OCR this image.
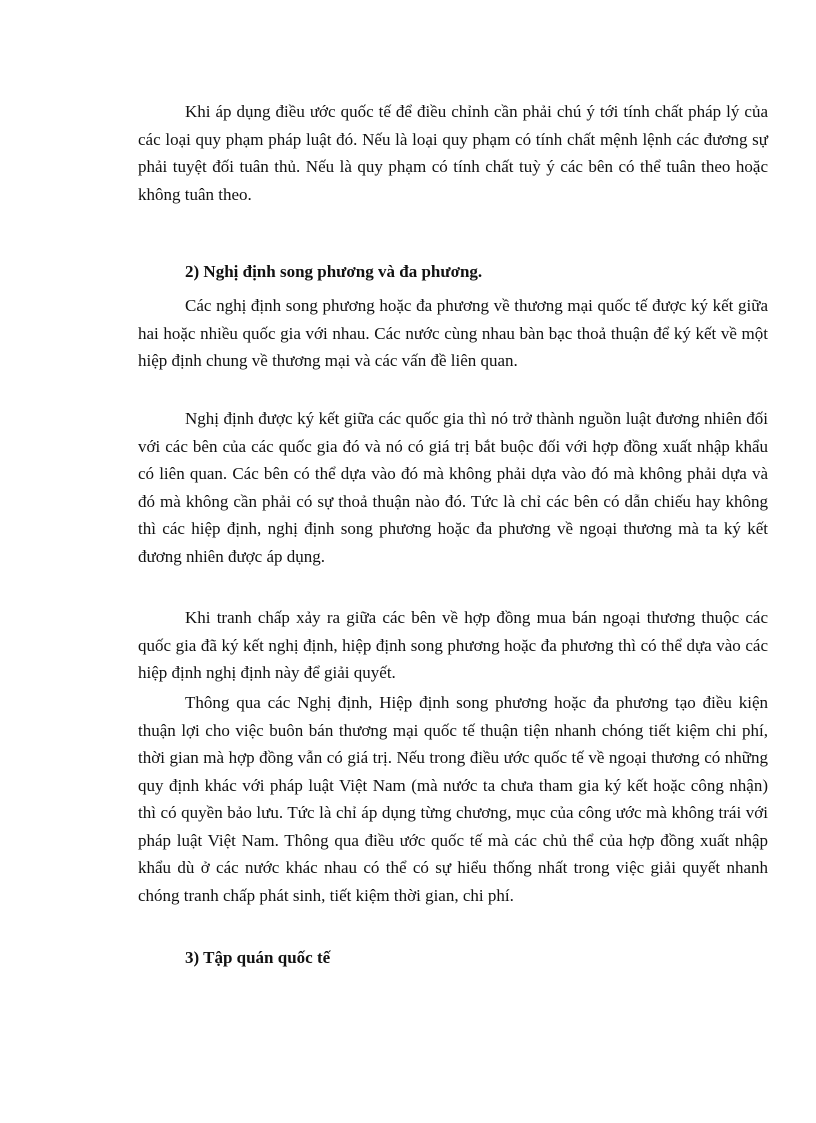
Khi áp dụng điều ước quốc tế để điều chỉnh cần phải chú ý tới tính chất pháp lý của các loại quy phạm pháp luật đó. Nếu là loại quy phạm có tính chất mệnh lệnh các đương sự phải tuyệt đối tuân thủ. Nếu là quy phạm có tính chất tuỳ ý các bên có thể tuân theo hoặc không tuân theo.

2) Nghị định song phương và đa phương.

Các nghị định song phương hoặc đa phương về thương mại quốc tế được ký kết giữa hai hoặc nhiều quốc gia với nhau. Các nước cùng nhau bàn bạc thoả thuận để ký kết về một hiệp định chung về thương mại và các vấn đề liên quan.

Nghị định được ký kết giữa các quốc gia thì nó trở thành nguồn luật đương nhiên đối với các bên của các quốc gia đó và nó có giá trị bắt buộc đối với hợp đồng xuất nhập khẩu có liên quan. Các bên có thể dựa vào đó mà không phải dựa vào đó mà không phải dựa và đó mà không cần phải có sự thoả thuận nào đó. Tức là chỉ các bên có dẫn chiếu hay không thì các hiệp định, nghị định song phương hoặc đa phương về ngoại thương mà ta ký kết đương nhiên được áp dụng.

Khi tranh chấp xảy ra giữa các bên về hợp đồng mua bán ngoại thương thuộc các quốc gia đã ký kết nghị định, hiệp định song phương hoặc đa phương thì có thể dựa vào các hiệp định nghị định này để giải quyết.

Thông qua các Nghị định, Hiệp định song phương hoặc đa phương tạo điều kiện thuận lợi cho việc buôn bán thương mại quốc tế thuận tiện nhanh chóng tiết kiệm chi phí, thời gian mà hợp đồng vẫn có giá trị. Nếu trong điều ước quốc tế về ngoại thương có những quy định khác với pháp luật Việt Nam (mà nước ta chưa tham gia ký kết hoặc công nhận) thì có quyền bảo lưu. Tức là chỉ áp dụng từng chương, mục của công ước mà không trái với pháp luật Việt Nam. Thông qua điều ước quốc tế mà các chủ thể của hợp đồng xuất nhập khẩu dù ở các nước khác nhau có thể có sự hiểu thống nhất trong việc giải quyết nhanh chóng tranh chấp phát sinh, tiết kiệm thời gian, chi phí.

3) Tập quán quốc tế
